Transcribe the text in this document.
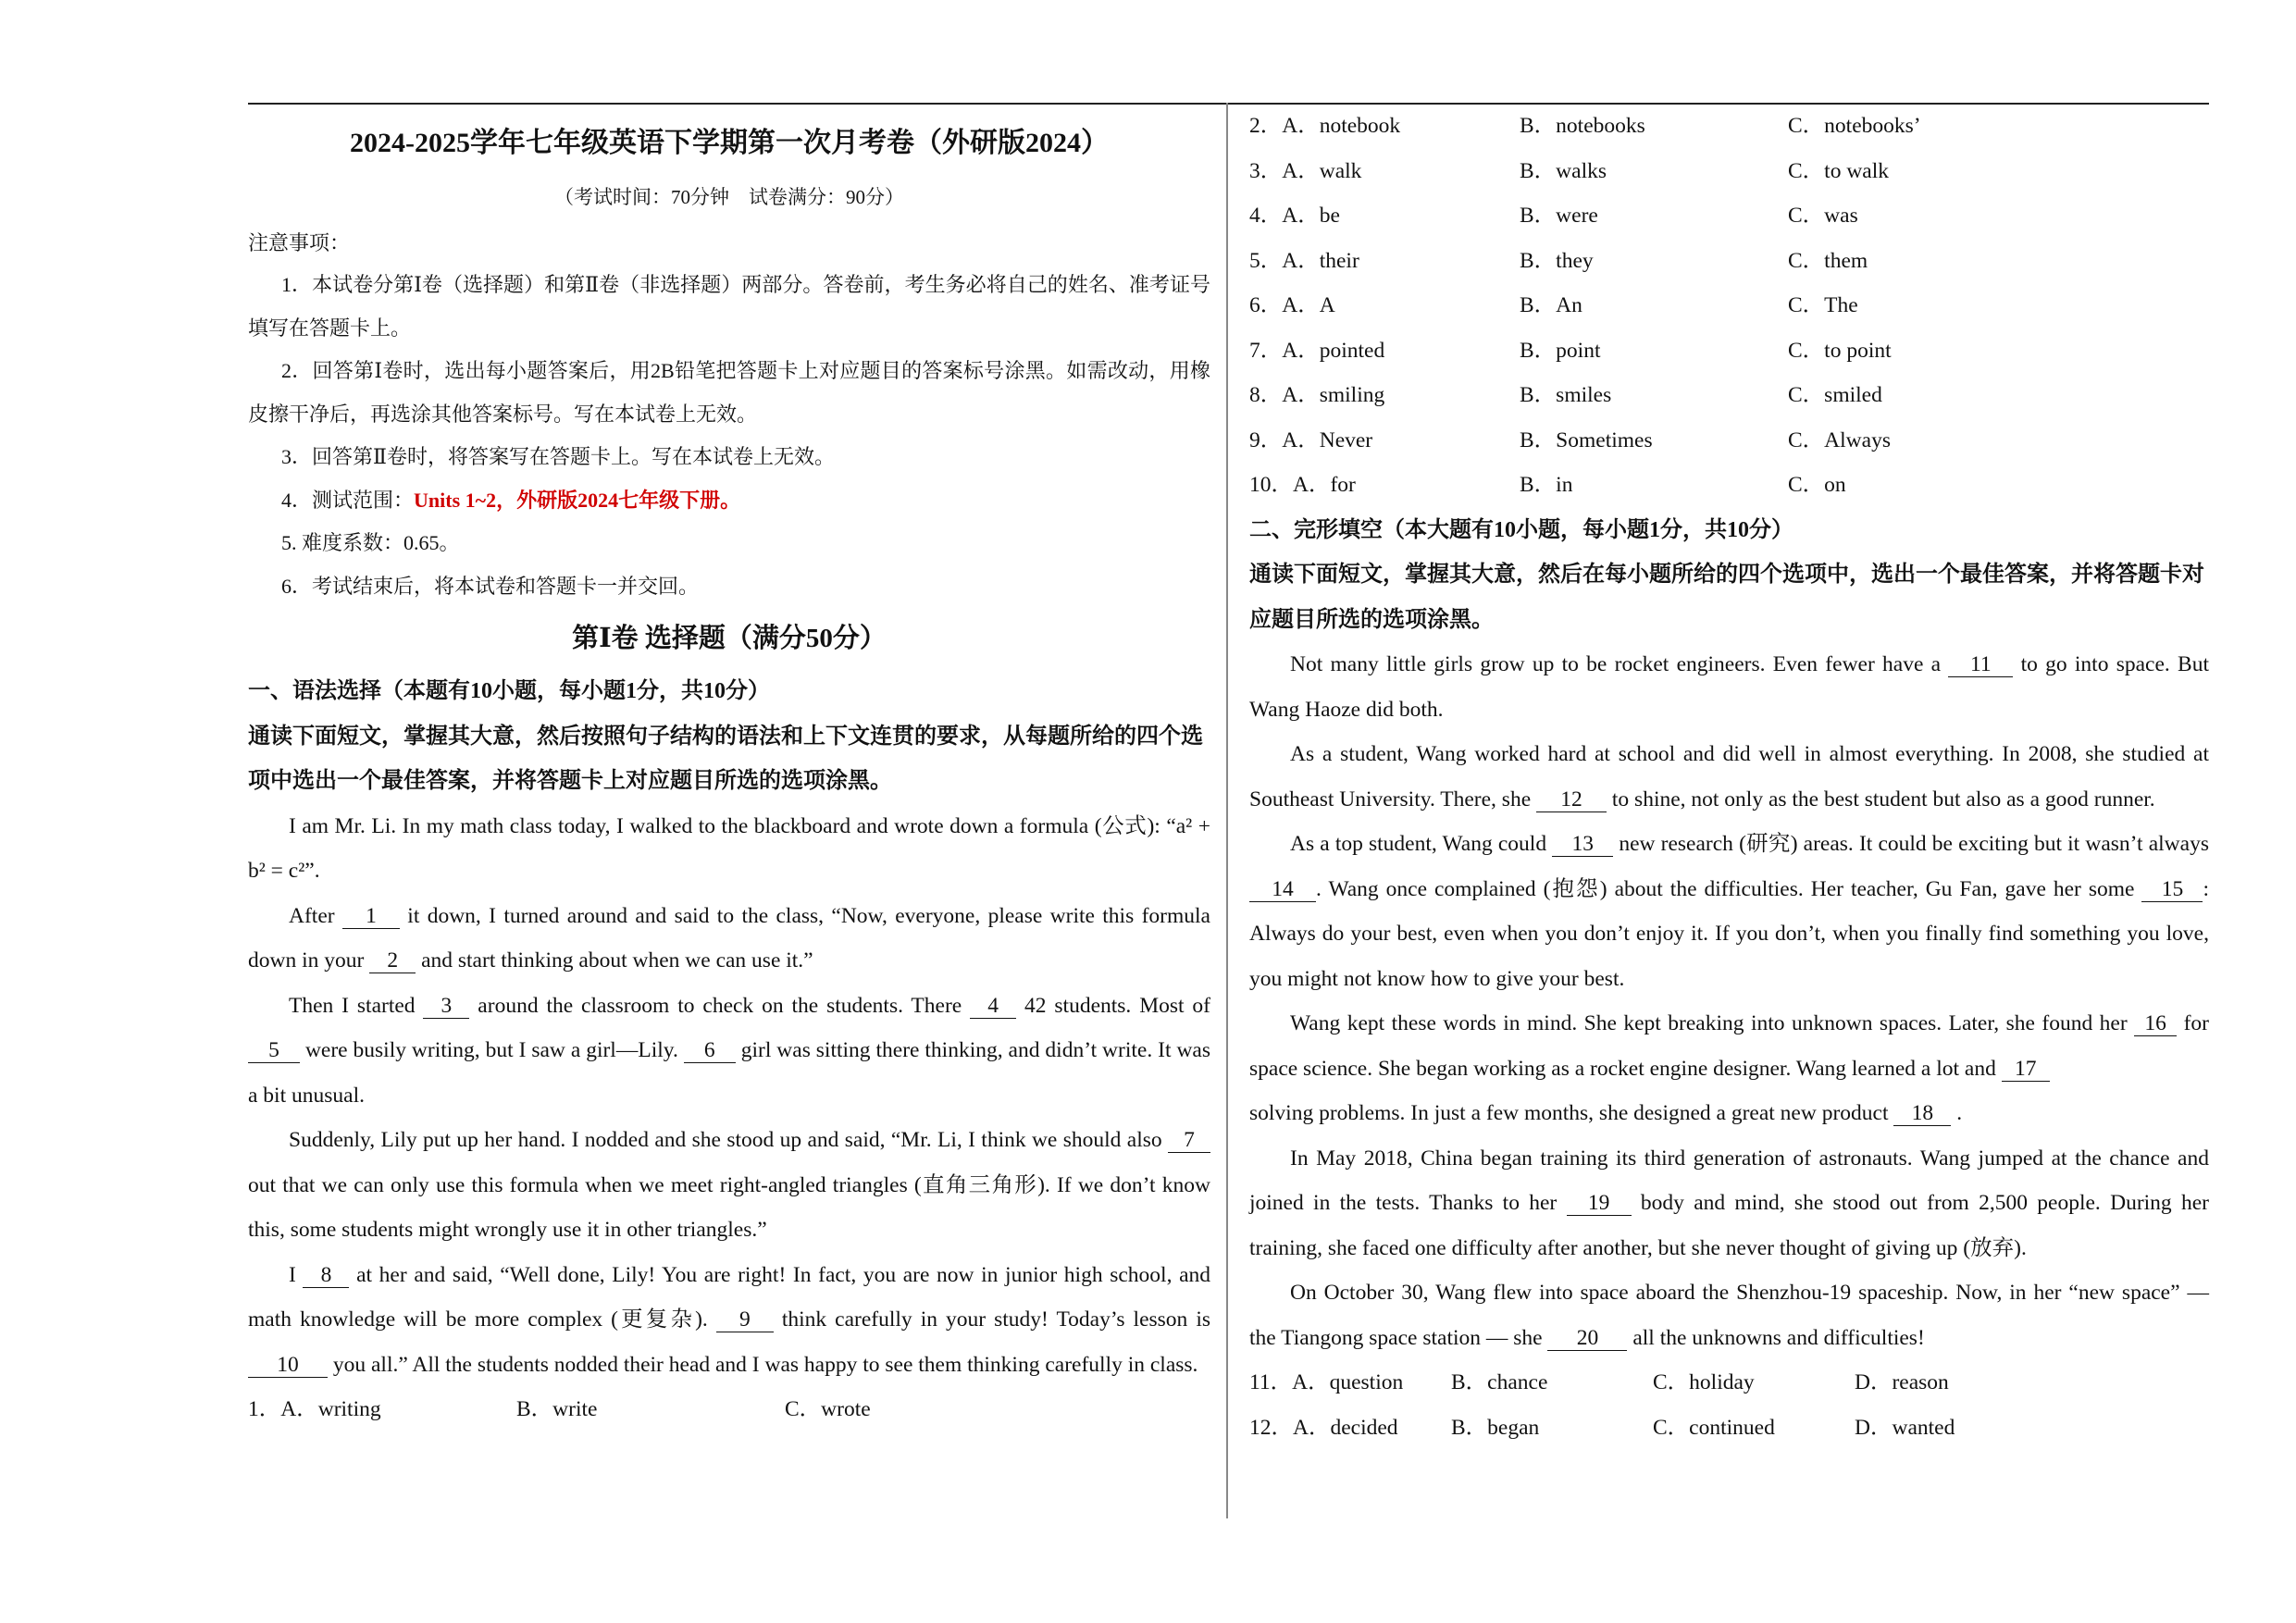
2024-2025学年七年级英语下学期第一次月考卷（外研版2024）
（考试时间：70分钟　试卷满分：90分）
注意事项：
1．本试卷分第Ⅰ卷（选择题）和第Ⅱ卷（非选择题）两部分。答卷前，考生务必将自己的姓名、准考证号填写在答题卡上。
2．回答第Ⅰ卷时，选出每小题答案后，用2B铅笔把答题卡上对应题目的答案标号涂黑。如需改动，用橡皮擦干净后，再选涂其他答案标号。写在本试卷上无效。
3．回答第Ⅱ卷时，将答案写在答题卡上。写在本试卷上无效。
4．测试范围：Units 1~2，外研版2024七年级下册。
5. 难度系数：0.65。
6．考试结束后，将本试卷和答题卡一并交回。
第Ⅰ卷 选择题（满分50分）
一、语法选择（本题有10小题，每小题1分，共10分）
通读下面短文，掌握其大意，然后按照句子结构的语法和上下文连贯的要求，从每题所给的四个选项中选出一个最佳答案，并将答题卡上对应题目所选的选项涂黑。
I am Mr. Li. In my math class today, I walked to the blackboard and wrote down a formula (公式): “a² + b² = c²”.
After 1 it down, I turned around and said to the class, “Now, everyone, please write this formula down in your 2 and start thinking about when we can use it.”
Then I started 3 around the classroom to check on the students. There 4 42 students. Most of 5 were busily writing, but I saw a girl—Lily. 6 girl was sitting there thinking, and didn’t write. It was a bit unusual.
Suddenly, Lily put up her hand. I nodded and she stood up and said, “Mr. Li, I think we should also 7 out that we can only use this formula when we meet right-angled triangles (直角三角形). If we don’t know this, some students might wrongly use it in other triangles.”
I 8 at her and said, “Well done, Lily! You are right! In fact, you are now in junior high school, and math knowledge will be more complex (更复杂). 9 think carefully in your study! Today’s lesson is 10 you all.” All the students nodded their head and I was happy to see them thinking carefully in class.
1．A．writing	B．write	C．wrote
2．A．notebook	B．notebooks	C．notebooks’
3．A．walk	B．walks	C．to walk
4．A．be	B．were	C．was
5．A．their	B．they	C．them
6．A．A	B．An	C．The
7．A．pointed	B．point	C．to point
8．A．smiling	B．smiles	C．smiled
9．A．Never	B．Sometimes	C．Always
10．A．for	B．in	C．on
二、完形填空（本大题有10小题，每小题1分，共10分）
通读下面短文，掌握其大意，然后在每小题所给的四个选项中，选出一个最佳答案，并将答题卡对应题目所选的选项涂黑。
Not many little girls grow up to be rocket engineers. Even fewer have a 11 to go into space. But Wang Haoze did both.
As a student, Wang worked hard at school and did well in almost everything. In 2008, she studied at Southeast University. There, she 12 to shine, not only as the best student but also as a good runner.
As a top student, Wang could 13 new research (研究) areas. It could be exciting but it wasn’t always 14 . Wang once complained (抱怨) about the difficulties. Her teacher, Gu Fan, gave her some 15 : Always do your best, even when you don’t enjoy it. If you don’t, when you finally find something you love, you might not know how to give your best.
Wang kept these words in mind. She kept breaking into unknown spaces. Later, she found her 16 for space science. She began working as a rocket engine designer. Wang learned a lot and 17
solving problems. In just a few months, she designed a great new product 18 .
In May 2018, China began training its third generation of astronauts. Wang jumped at the chance and joined in the tests. Thanks to her 19 body and mind, she stood out from 2,500 people. During her training, she faced one difficulty after another, but she never thought of giving up (放弃).
On October 30, Wang flew into space aboard the Shenzhou-19 spaceship. Now, in her “new space” — the Tiangong space station — she 20 all the unknowns and difficulties!
11．A．question	B．chance	C．holiday	D．reason
12．A．decided	B．began	C．continued	D．wanted
